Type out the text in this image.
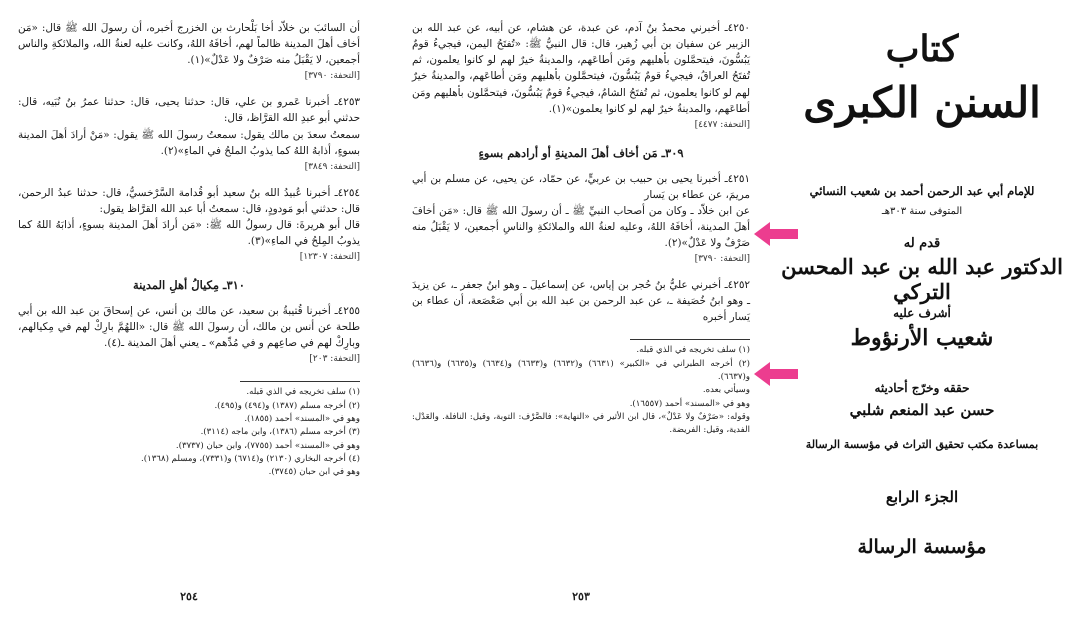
أن السائبَ بن خلاّد أخا بَلْحارث بن الخزرج أخبره، أن رسولَ الله ﷺ قال: «مَن أخاف أهلَ المدينة ظالماً لهم، أخافَهُ اللهُ، وكانت عليه لعنةُ الله، والملائكةِ والناس أجمعين، لا يَقْبَلُ منه صَرْفٌ ولا عَدْلٌ»(١).

[التحفة: ٣٧٩٠]

٤٢٥٣ـ أخبرنا عَمرو بن علي، قال: حدثنا يحيى، قال: حدثنا عمرُ بنُ نُبَيه، قال: حدثني أبو عبدِ الله القرَّاظ، قال:

سمعتُ سعدَ بن مالك يقول: سمعتُ رسولَ الله ﷺ يقول: «مَنْ أرادَ أهلَ المدينة بسوءٍ، أذابهُ اللهُ كما يذوبُ الملحُ في الماءِ»(٢).

[التحفة: ٣٨٤٩]

٤٢٥٤ـ أخبرنا عُبيدُ الله بنُ سعيد أبو قُدامة السَّرْخسيُّ، قال: حدثنا عبدُ الرحمن، قال: حدثني أبو مَودودٍ، قال: سمعتُ أبا عبد الله القرَّاظ يقول:

قال أبو هريرةَ: قال رسولُ الله ﷺ: «مَن أرادَ أهلَ المدينة بسوءٍ، أذابَهُ اللهُ كما يذوبُ المِلحُ في الماءِ»(٣).

[التحفة: ١٢٣٠٧]
٣١٠ـ مِكيالُ أهلِ المدينة

٤٢٥٥ـ أخبرنا قُتيبةُ بن سعيد، عن مالك بن أنس، عن إسحاقَ بن عبد الله بن أبي طلحة عن أنس بن مالك، أن رسولَ الله ﷺ قال: «اللهُمَّ بارِكْ لهم في مِكيالهم، وبارِكْ لهم في صاعِهم و في مُدِّهم» ـ يعني أهلَ المدينة ـ(٤).

[التحفة: ٢٠٣]
(١) سلف تخريجه في الذي قبله.
(٢) أخرجه مسلم (١٣٨٧) و(٤٩٤) و(٤٩٥).
وهو في «المسند» أحمد (١٨٥٥).
(٣) أخرجه مسلم (١٣٨٦)، وابن ماجه (٣١١٤).
وهو في «المسند» أحمد (٧٧٥٥)، وابن حبان (٣٧٣٧).
(٤) أخرجه البخاري (٢١٣٠) و(٦٧١٤) و(٧٣٣١)، ومسلم (١٣٦٨).
وهو في ابن حبان (٣٧٤٥).
٢٥٤

٤٢٥٠ـ أخبرني محمدُ بنُ آدم، عن عبدة، عن هشام، عن أبيه، عن عبد الله بن الزبير عن سفيان بن أبي زُهير، قال: قال النبيُّ ﷺ: «تُفتَحُ اليمن، فيجيءُ قومٌ يَبُسُّونَ، فيتحمَّلون بأهليهم ومَن أطاعَهم، والمدينةُ خيرٌ لهم لو كانوا يعلمون، ثم تُفتَحُ العراقُ، فيجيءُ قومٌ يَبُسُّونَ، فيتحمَّلون بأهليهم ومَن أطاعَهم، والمدينةُ خيرٌ لهم لو كانوا يعلمون، ثم تُفتَحُ الشامُ، فيجيءُ قومٌ يَبُسُّونَ، فيتحمَّلون بأهليهم ومَن أطاعَهم، والمدينةُ خيرٌ لهم لو كانوا يعلمون»(١).

[التحفة: ٤٤٧٧]
٣٠٩ـ مَن أخاف أهلَ المدينةِ أو أرادهم بسوءٍ

٤٢٥١ـ أخبرنا يحيى بن حبيب بن عربيٍّ، عن حمّاد، عن يحيى، عن مسلم بن أبي مريمَ، عن عطاء بن يَسار

عن ابن خلاّد ـ وكان من أصحاب النبيِّ ﷺ ـ أن رسولَ الله ﷺ قال: «مَن أخافَ أهلَ المدينة، أخافَهُ اللهُ، وعليه لعنةُ الله والملائكةِ والناسِ أجمعين، لا يَقْبَلُ منه صَرْفٌ ولا عَدْلٌ»(٢).

[التحفة: ٣٧٩٠]

٤٢٥٢ـ أخبرني عليُّ بنُ حُجر بن إياس، عن إسماعيلَ ـ وهو ابنُ جعفر ـ، عن يزيدَ ـ وهو ابنُ خُصَيفة ـ، عن عبد الرحمن بن عبد الله بن أبي صَعْصَعة، أن عطاء بن يَسار أخبره

(١) سلف تخريجه في الذي قبله.
(٢) أخرجه الطبراني في «الكبير» (٦٦٣١) و(٦٦٣٢) و(٦٦٣٣) و(٦٦٣٤) و(٦٦٣٥) و(٦٦٣٦) و(٦٦٣٧).
وسيأتي بعده.
وهو في «المسند» أحمد (١٦٥٥٧).
وقوله: «صَرْفٌ ولا عَدْلٌ»، قال ابن الأثير في «النهاية»: فالصَّرْف: التوبة، وقيل: النافلة. والعَدْل: الفدية، وقيل: الفريضة.
٢٥٣
كتاب
السنن الكبرى
للإمام أبي عبد الرحمن أحمد بن شعيب النسائي
المتوفى سنة ٣٠٣هـ
قدم له
الدكتور عبد الله بن عبد المحسن التركي
أشرف عليه
شعيب الأرنؤوط
حققه وخرّج أحاديثه
حسن عبد المنعم شلبي
بمساعدة مكتب تحقيق التراث في مؤسسة الرسالة
الجزء الرابع
مؤسسة الرسالة
